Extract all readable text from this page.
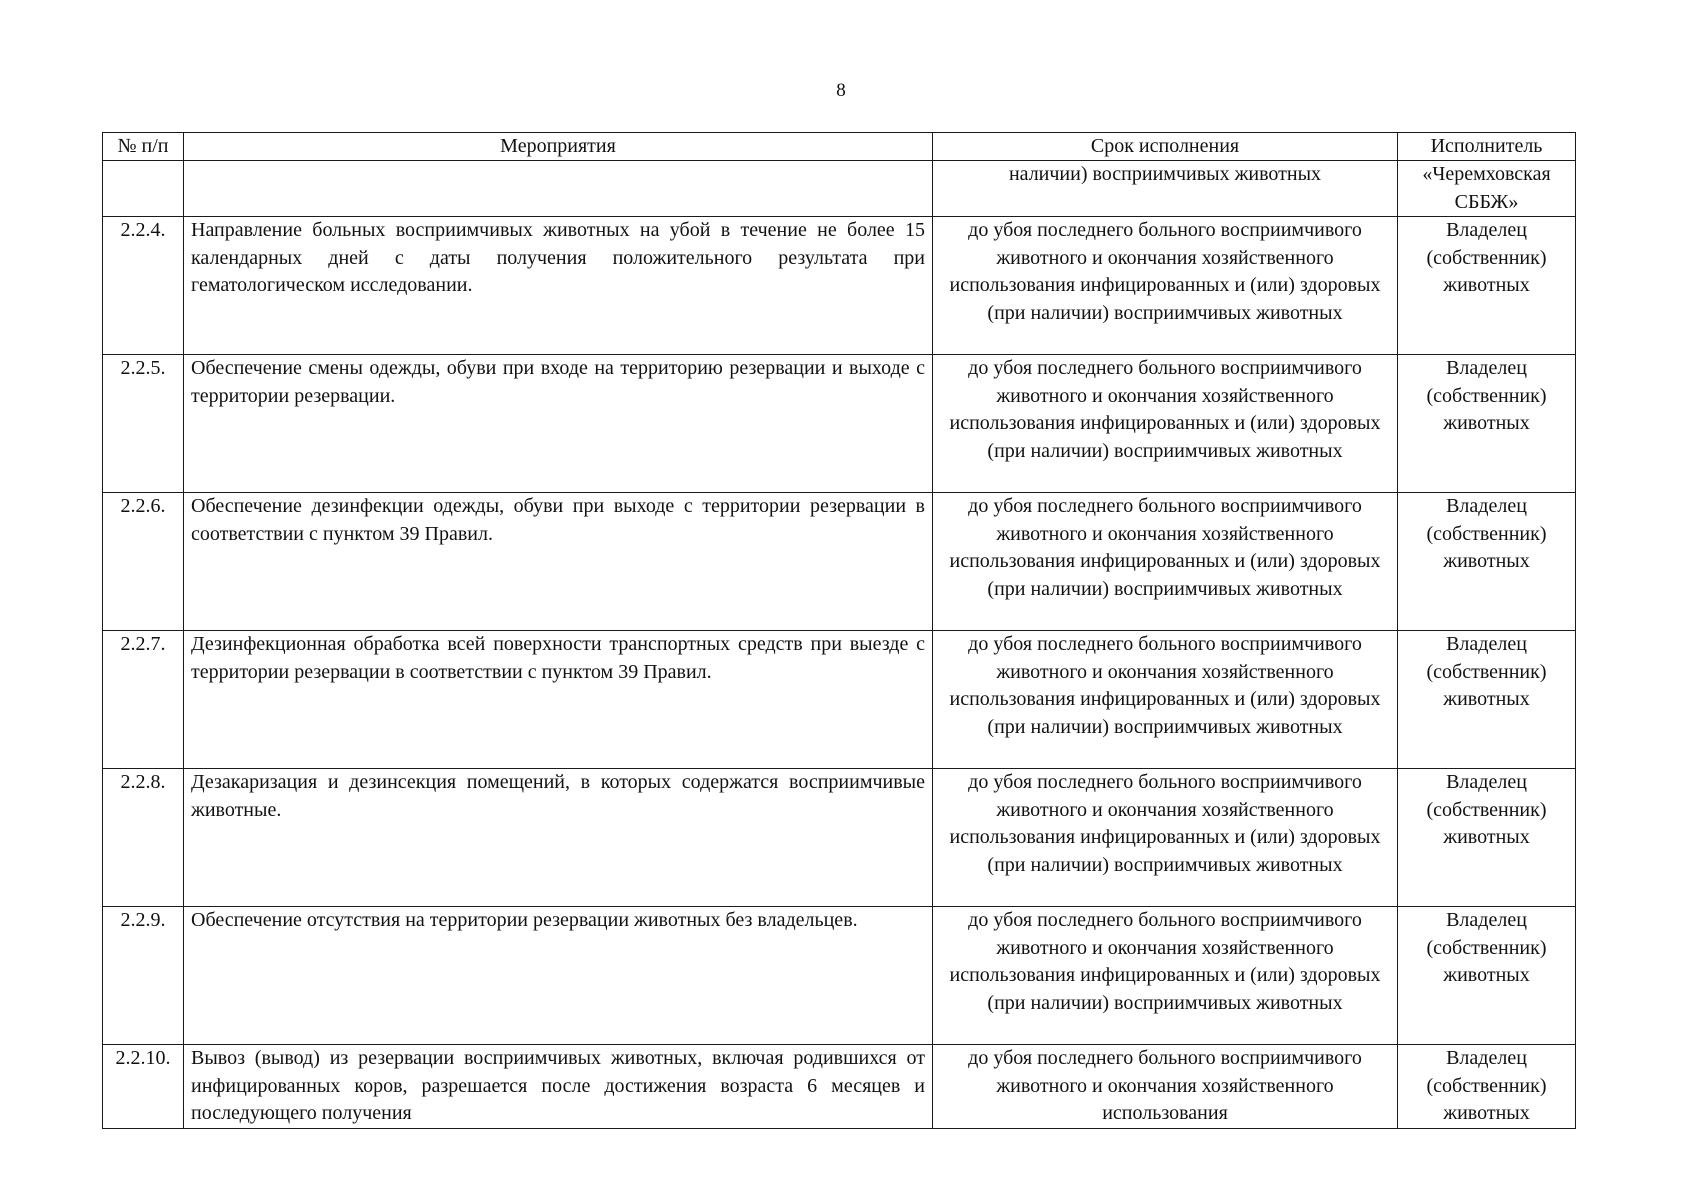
8
№ п/п	Мероприятия	Срок исполнения	Исполнитель
		наличии) восприимчивых животных	«Черемховская СББЖ»
2.2.4.	Направление больных восприимчивых животных на убой в течение не более 15 календарных дней с даты получения положительного результата при гематологическом исследовании.	до убоя последнего больного восприимчивого животного и окончания хозяйственного использования инфицированных и (или) здоровых (при наличии) восприимчивых животных	Владелец (собственник) животных
2.2.5.	Обеспечение смены одежды, обуви при входе на территорию резервации и выходе с территории резервации.	до убоя последнего больного восприимчивого животного и окончания хозяйственного использования инфицированных и (или) здоровых (при наличии) восприимчивых животных	Владелец (собственник) животных
2.2.6.	Обеспечение дезинфекции одежды, обуви при выходе с территории резервации в соответствии с пунктом 39 Правил.	до убоя последнего больного восприимчивого животного и окончания хозяйственного использования инфицированных и (или) здоровых (при наличии) восприимчивых животных	Владелец (собственник) животных
2.2.7.	Дезинфекционная обработка всей поверхности транспортных средств при выезде с территории резервации в соответствии с пунктом 39 Правил.	до убоя последнего больного восприимчивого животного и окончания хозяйственного использования инфицированных и (или) здоровых (при наличии) восприимчивых животных	Владелец (собственник) животных
2.2.8.	Дезакаризация и дезинсекция помещений, в которых содержатся восприимчивые животные.	до убоя последнего больного восприимчивого животного и окончания хозяйственного использования инфицированных и (или) здоровых (при наличии) восприимчивых животных	Владелец (собственник) животных
2.2.9.	Обеспечение отсутствия на территории резервации животных без владельцев.	до убоя последнего больного восприимчивого животного и окончания хозяйственного использования инфицированных и (или) здоровых (при наличии) восприимчивых животных	Владелец (собственник) животных
2.2.10.	Вывоз (вывод) из резервации восприимчивых животных, включая родившихся от инфицированных коров, разрешается после достижения возраста 6 месяцев и последующего получения	до убоя последнего больного восприимчивого животного и окончания хозяйственного использования	Владелец (собственник) животных
